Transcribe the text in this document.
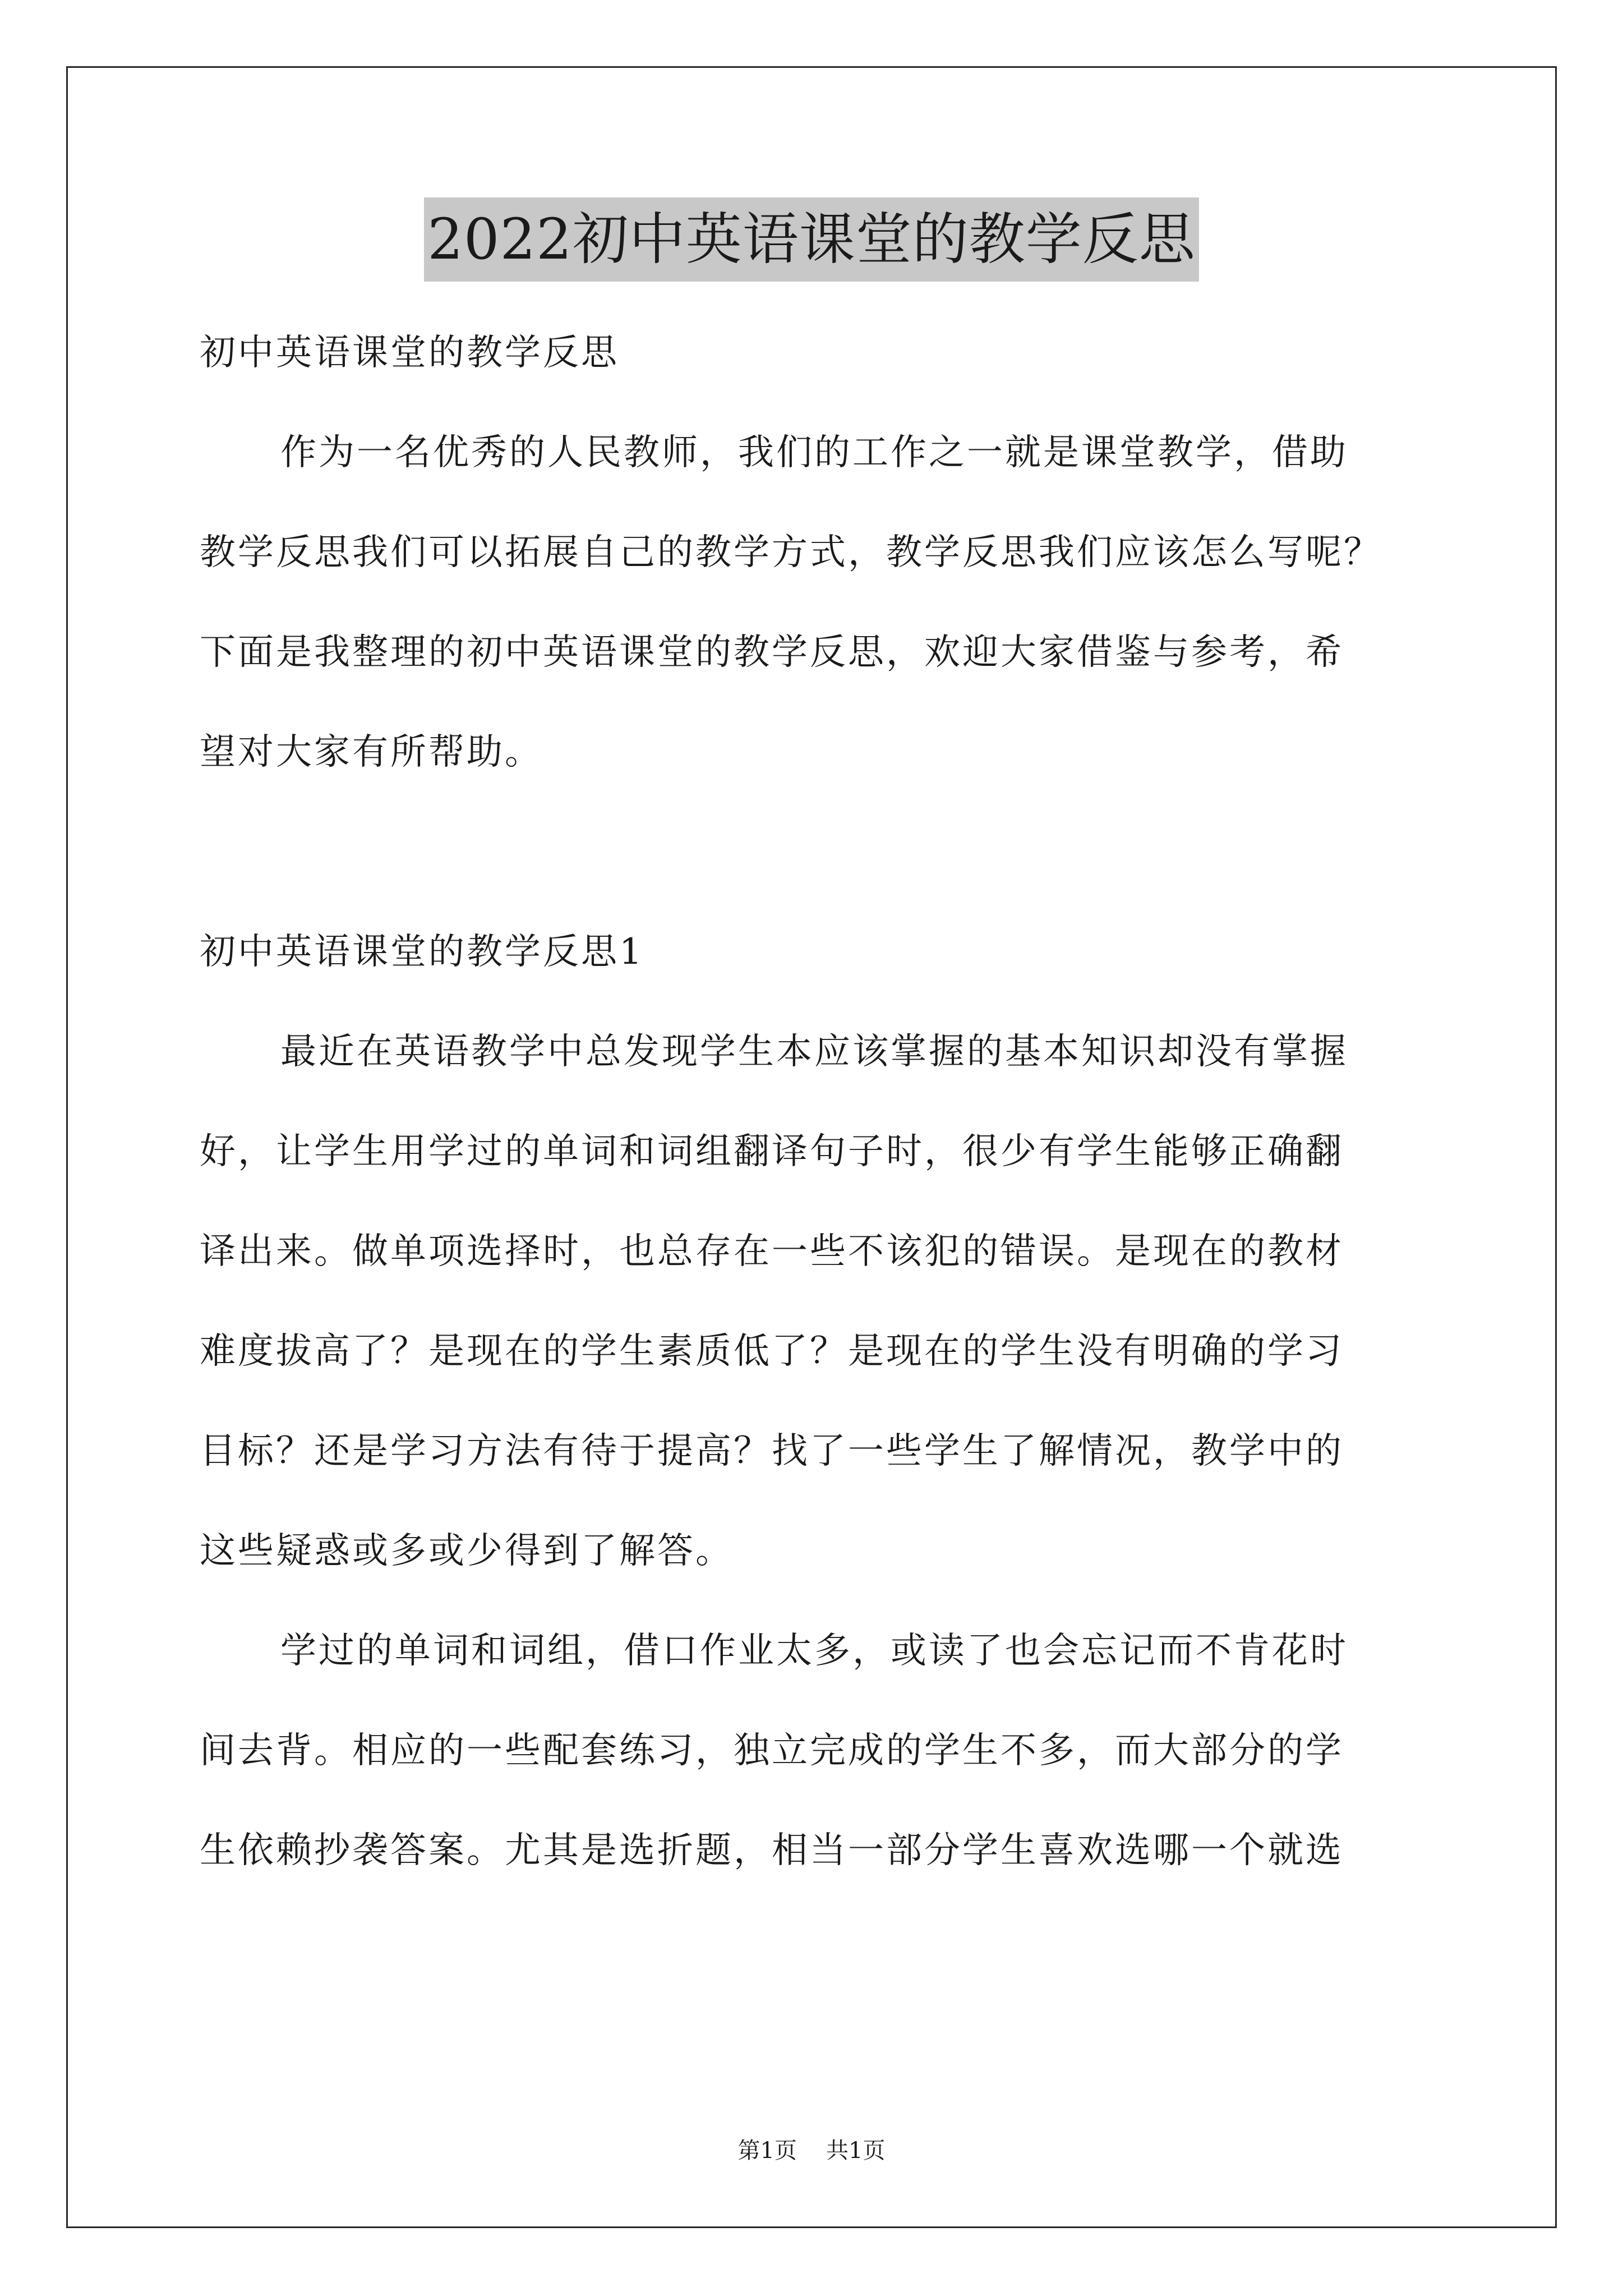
2022初中英语课堂的教学反思

初中英语课堂的教学反思

作为一名优秀的人民教师，我们的工作之一就是课堂教学，借助
教学反思我们可以拓展自己的教学方式，教学反思我们应该怎么写呢？
下面是我整理的初中英语课堂的教学反思，欢迎大家借鉴与参考，希
望对大家有所帮助。

初中英语课堂的教学反思1

最近在英语教学中总发现学生本应该掌握的基本知识却没有掌握
好，让学生用学过的单词和词组翻译句子时，很少有学生能够正确翻
译出来。做单项选择时，也总存在一些不该犯的错误。是现在的教材
难度拔高了？是现在的学生素质低了？是现在的学生没有明确的学习
目标？还是学习方法有待于提高？找了一些学生了解情况，教学中的
这些疑惑或多或少得到了解答。

学过的单词和词组，借口作业太多，或读了也会忘记而不肯花时
间去背。相应的一些配套练习，独立完成的学生不多，而大部分的学
生依赖抄袭答案。尤其是选折题，相当一部分学生喜欢选哪一个就选

第1页 共1页
